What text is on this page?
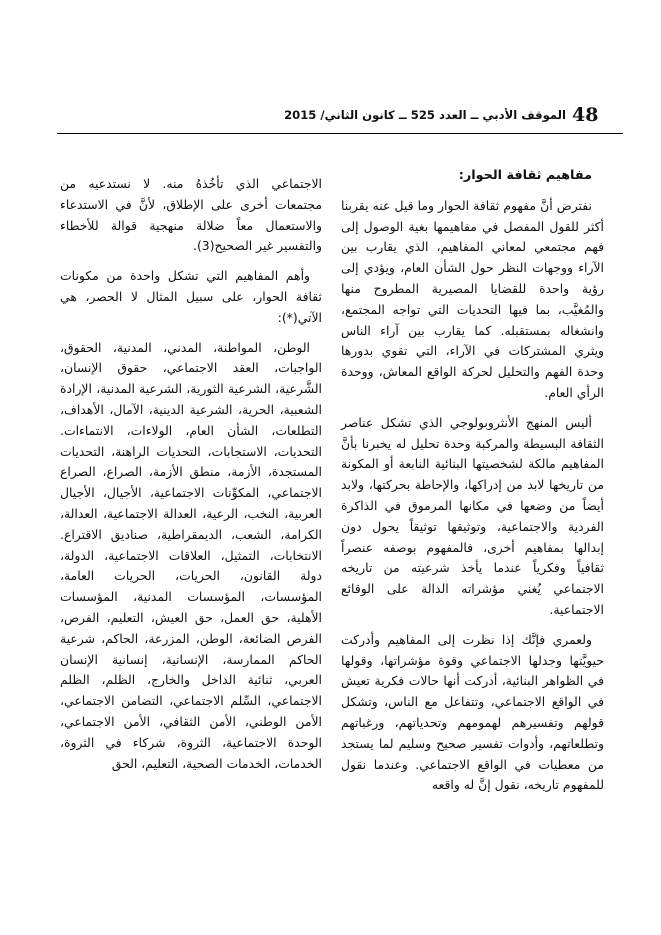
48
الموقف الأدبي ــ العدد 525 ــ كانون الثاني/ 2015

مفاهيم ثقافة الحوار:

نفترض أنَّ مفهوم ثقافة الحوار وما قيل عنه يقربنا أكثر للقول المفصل في مفاهيمها بغية الوصول إلى فهم مجتمعي لمعاني المفاهيم، الذي يقارب بين الآراء ووجهات النظر حول الشأن العام، ويؤدي إلى رؤية واحدة للقضايا المصيرية المطروح منها والمُغيَّب، بما فيها التحديات التي تواجه المجتمع، وانشغاله بمستقبله. كما يقارب بين آراء الناس ويثري المشتركات في الآراء، التي تقوي بدورها وحدة الفهم والتحليل لحركة الواقع المعاش، ووحدة الرأي العام.

أليس المنهج الأنثروبولوجي الذي تشكل عناصر الثقافة البسيطة والمركبة وحدة تحليل له يخبرنا بأنَّ المفاهيم مالكة لشخصيتها البنائية النابعة أو المكونة من تاريخها لابد من إدراكها، والإحاطة بحركتها، ولابد أيضاً من وضعها في مكانها المرموق في الذاكرة الفردية والاجتماعية، وتوثيقها توثيقاً يحول دون إبدالها بمفاهيم أخرى، فالمفهوم بوصفه عنصراً ثقافياً وفكرياً عندما يأخذ شرعيته من تاريخه الاجتماعي يُغني مؤشراته الدالة على الوقائع الاجتماعية.

ولعمري فإنَّك إذا نظرت إلى المفاهيم وأدركت حيويَّتها وجدلها الاجتماعي وقوة مؤشراتها، وقولها في الظواهر البنائية، أدركت أنها حالات فكرية تعيش في الواقع الاجتماعي، وتتفاعل مع الناس، وتشكل قولهم وتفسيرهم لهمومهم وتحدياتهم، ورغباتهم وتطلعاتهم، وأدوات تفسير صحيح وسليم لما يستجد من معطيات في الواقع الاجتماعي. وعندما نقول للمفهوم تاريخه، نقول إنَّ له واقعه

الاجتماعي الذي تأخُذهُ منه. لا نستدعيه من مجتمعات أخرى على الإطلاق، لأنَّ في الاستدعاء والاستعمال معاً ضلالة منهجية قوالة للأخطاء والتفسير غير الصحيح(3).

وأهم المفاهيم التي تشكل واحدة من مكونات ثقافة الحوار، على سبيل المثال لا الحصر، هي الآتي(*):

الوطن، المواطنة، المدني، المدنية، الحقوق، الواجبات، العقد الاجتماعي، حقوق الإنسان، الشَّرعية، الشرعية الثورية، الشرعية المدنية، الإرادة الشعبية، الحرية، الشرعية الدينية، الآمال، الأهداف، التطلعات، الشأن العام، الولاءات، الانتماءات. التحديات، الاستجابات، التحديات الراهنة، التحديات المستجدة، الأزمة، منطق الأزمة، الصراع، الصراع الاجتماعي، المكوِّنات الاجتماعية، الأجيال، الأجيال العربية، النخب، الرعية، العدالة الاجتماعية، العدالة، الكرامة، الشعب، الديمقراطية، صناديق الاقتراع. الانتخابات، التمثيل، العلاقات الاجتماعية، الدولة، دولة القانون، الحريات، الحريات العامة، المؤسسات، المؤسسات المدنية، المؤسسات الأهلية، حق العمل، حق العيش، التعليم، الفرص، الفرص الضائعة، الوطن، المزرعة، الحاكم، شرعية الحاكم الممارسة، الإنسانية، إنسانية الإنسان العربي، ثنائية الداخل والخارج، الظلم، الظلم الاجتماعي، السِّلم الاجتماعي، التضامن الاجتماعي، الأمن الوطني، الأمن الثقافي، الأمن الاجتماعي، الوحدة الاجتماعية، الثروة، شركاء في الثروة، الخدمات، الخدمات الصحية، التعليم، الحق
